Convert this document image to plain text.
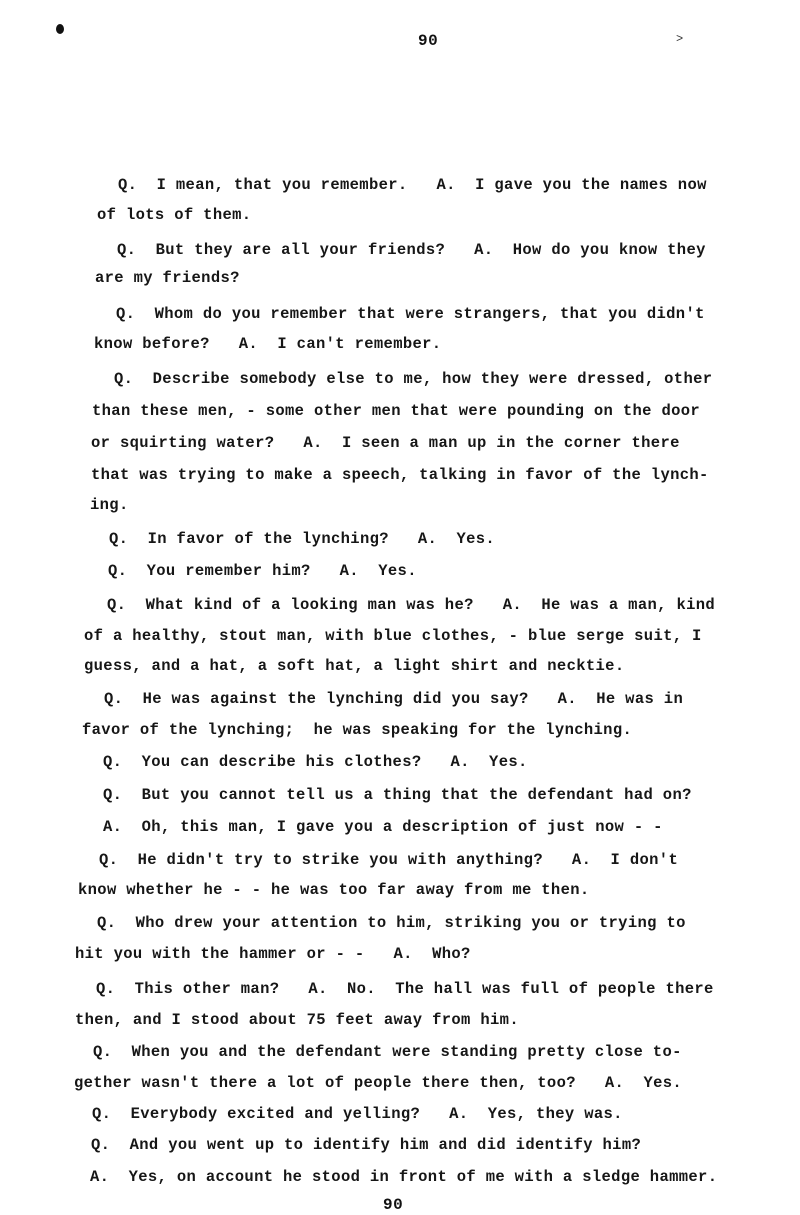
90	>
Q.  I mean, that you remember.   A.  I gave you the names now
of lots of them.
Q.  But they are all your friends?   A.  How do you know they
are my friends?
Q.  Whom do you remember that were strangers, that you didn't
know before?   A.  I can't remember.
Q.  Describe somebody else to me, how they were dressed, other
than these men, - some other men that were pounding on the door
or squirting water?   A.  I seen a man up in the corner there
that was trying to make a speech, talking in favor of the lynch-
ing.
Q.  In favor of the lynching?   A.  Yes.
Q.  You remember him?   A.  Yes.
Q.  What kind of a looking man was he?   A.  He was a man, kind
of a healthy, stout man, with blue clothes, - blue serge suit, I
guess, and a hat, a soft hat, a light shirt and necktie.
Q.  He was against the lynching did you say?   A.  He was in
favor of the lynching;  he was speaking for the lynching.
Q.  You can describe his clothes?   A.  Yes.
Q.  But you cannot tell us a thing that the defendant had on?
A.  Oh, this man, I gave you a description of just now - -
Q.  He didn't try to strike you with anything?   A.  I don't
know whether he - - he was too far away from me then.
Q.  Who drew your attention to him, striking you or trying to
hit you with the hammer or - -   A.  Who?
Q.  This other man?   A.  No.  The hall was full of people there
then, and I stood about 75 feet away from him.
Q.  When you and the defendant were standing pretty close to-
gether wasn't there a lot of people there then, too?   A.  Yes.
Q.  Everybody excited and yelling?   A.  Yes, they was.
Q.  And you went up to identify him and did identify him?
A.  Yes, on account he stood in front of me with a sledge hammer.
90
